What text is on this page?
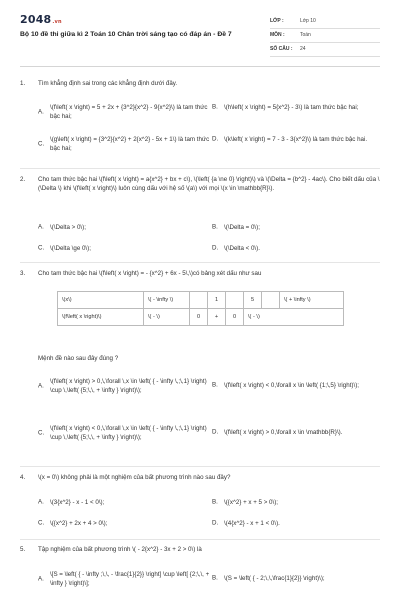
2048.vn
Bộ 10 đề thi giữa kì 2 Toán 10 Chân trời sáng tạo có đáp án - Đề 7
LỚP :	Lớp 10
MÔN :	Toán
SỐ CÂU :	24
1.	Tìm khẳng định sai trong các khẳng định dưới đây.
A.
\(f\left( x \right) = 5 + 2x + {3^2}{x^2} - 9{x^2}\) là tam thức bậc hai;
B. \(h\left( x \right) = 5{x^2} - 3\) là tam thức bậc hai;
C.
\(g\left( x \right) = {3^2}{x^2} + 2{x^2} - 5x + 1\) là tam thức bậc hai;
D. \(k\left( x \right) = 7 - 3 - 3{x^2}\) là tam thức bậc hai.
2.	Cho tam thức bậc hai \(f\left( x \right) = a{x^2} + bx + c\), \(\left( {a \ne 0} \right)\) và \(\Delta = {b^2} - 4ac\). Cho biết dấu của \(\Delta \) khi \(f\left( x \right)\) luôn cùng dấu với hệ số \(a\) với mọi \(x \in \mathbb{R}\).
A. \(\Delta > 0\);	B. \(\Delta = 0\);
C. \(\Delta \ge 0\);	D. \(\Delta < 0\).
3.	Cho tam thức bậc hai \(f\left( x \right) = - {x^2} + 6x - 5\,\)có bảng xét dấu như sau
\(x\)	\( - \infty \)		1		5		\( + \infty \)
\(f\left( x \right)\)	\( - \)	0	+	0	\( - \)		
Mệnh đề nào sau đây đúng ?
A.
\(f\left( x \right) > 0,\,\forall \,x \in \left( { - \infty \,;\,1} \right) \cup \,\left( {5;\,\, + \infty } \right)\);
B. \(f\left( x \right) < 0,\forall x \in \left( {1;\,5} \right)\);
C.
\(f\left( x \right) < 0,\,\forall \,x \in \left( { - \infty \,;\,1} \right) \cup \,\left( {5;\,\, + \infty } \right)\);
D. \(f\left( x \right) > 0,\forall x \in \mathbb{R}\).
4.	\(x = 0\) không phải là một nghiệm của bất phương trình nào sau đây?
A. \(3{x^2} - x - 1 < 0\);	B. \({x^2} + x + 5 > 0\);
C. \({x^2} + 2x + 4 > 0\);	D. \(4{x^2} - x + 1 < 0\).
5.	Tập nghiệm của bất phương trình \( - 2{x^2} - 3x + 2 > 0\) là
A.
\[S = \left( { - \infty ;\,\, - \frac{1}{2}} \right] \cup \left[ {2;\,\, + \infty } \right)\];
B. \(S = \left( { - 2;\,\,\frac{1}{2}} \right)\);
